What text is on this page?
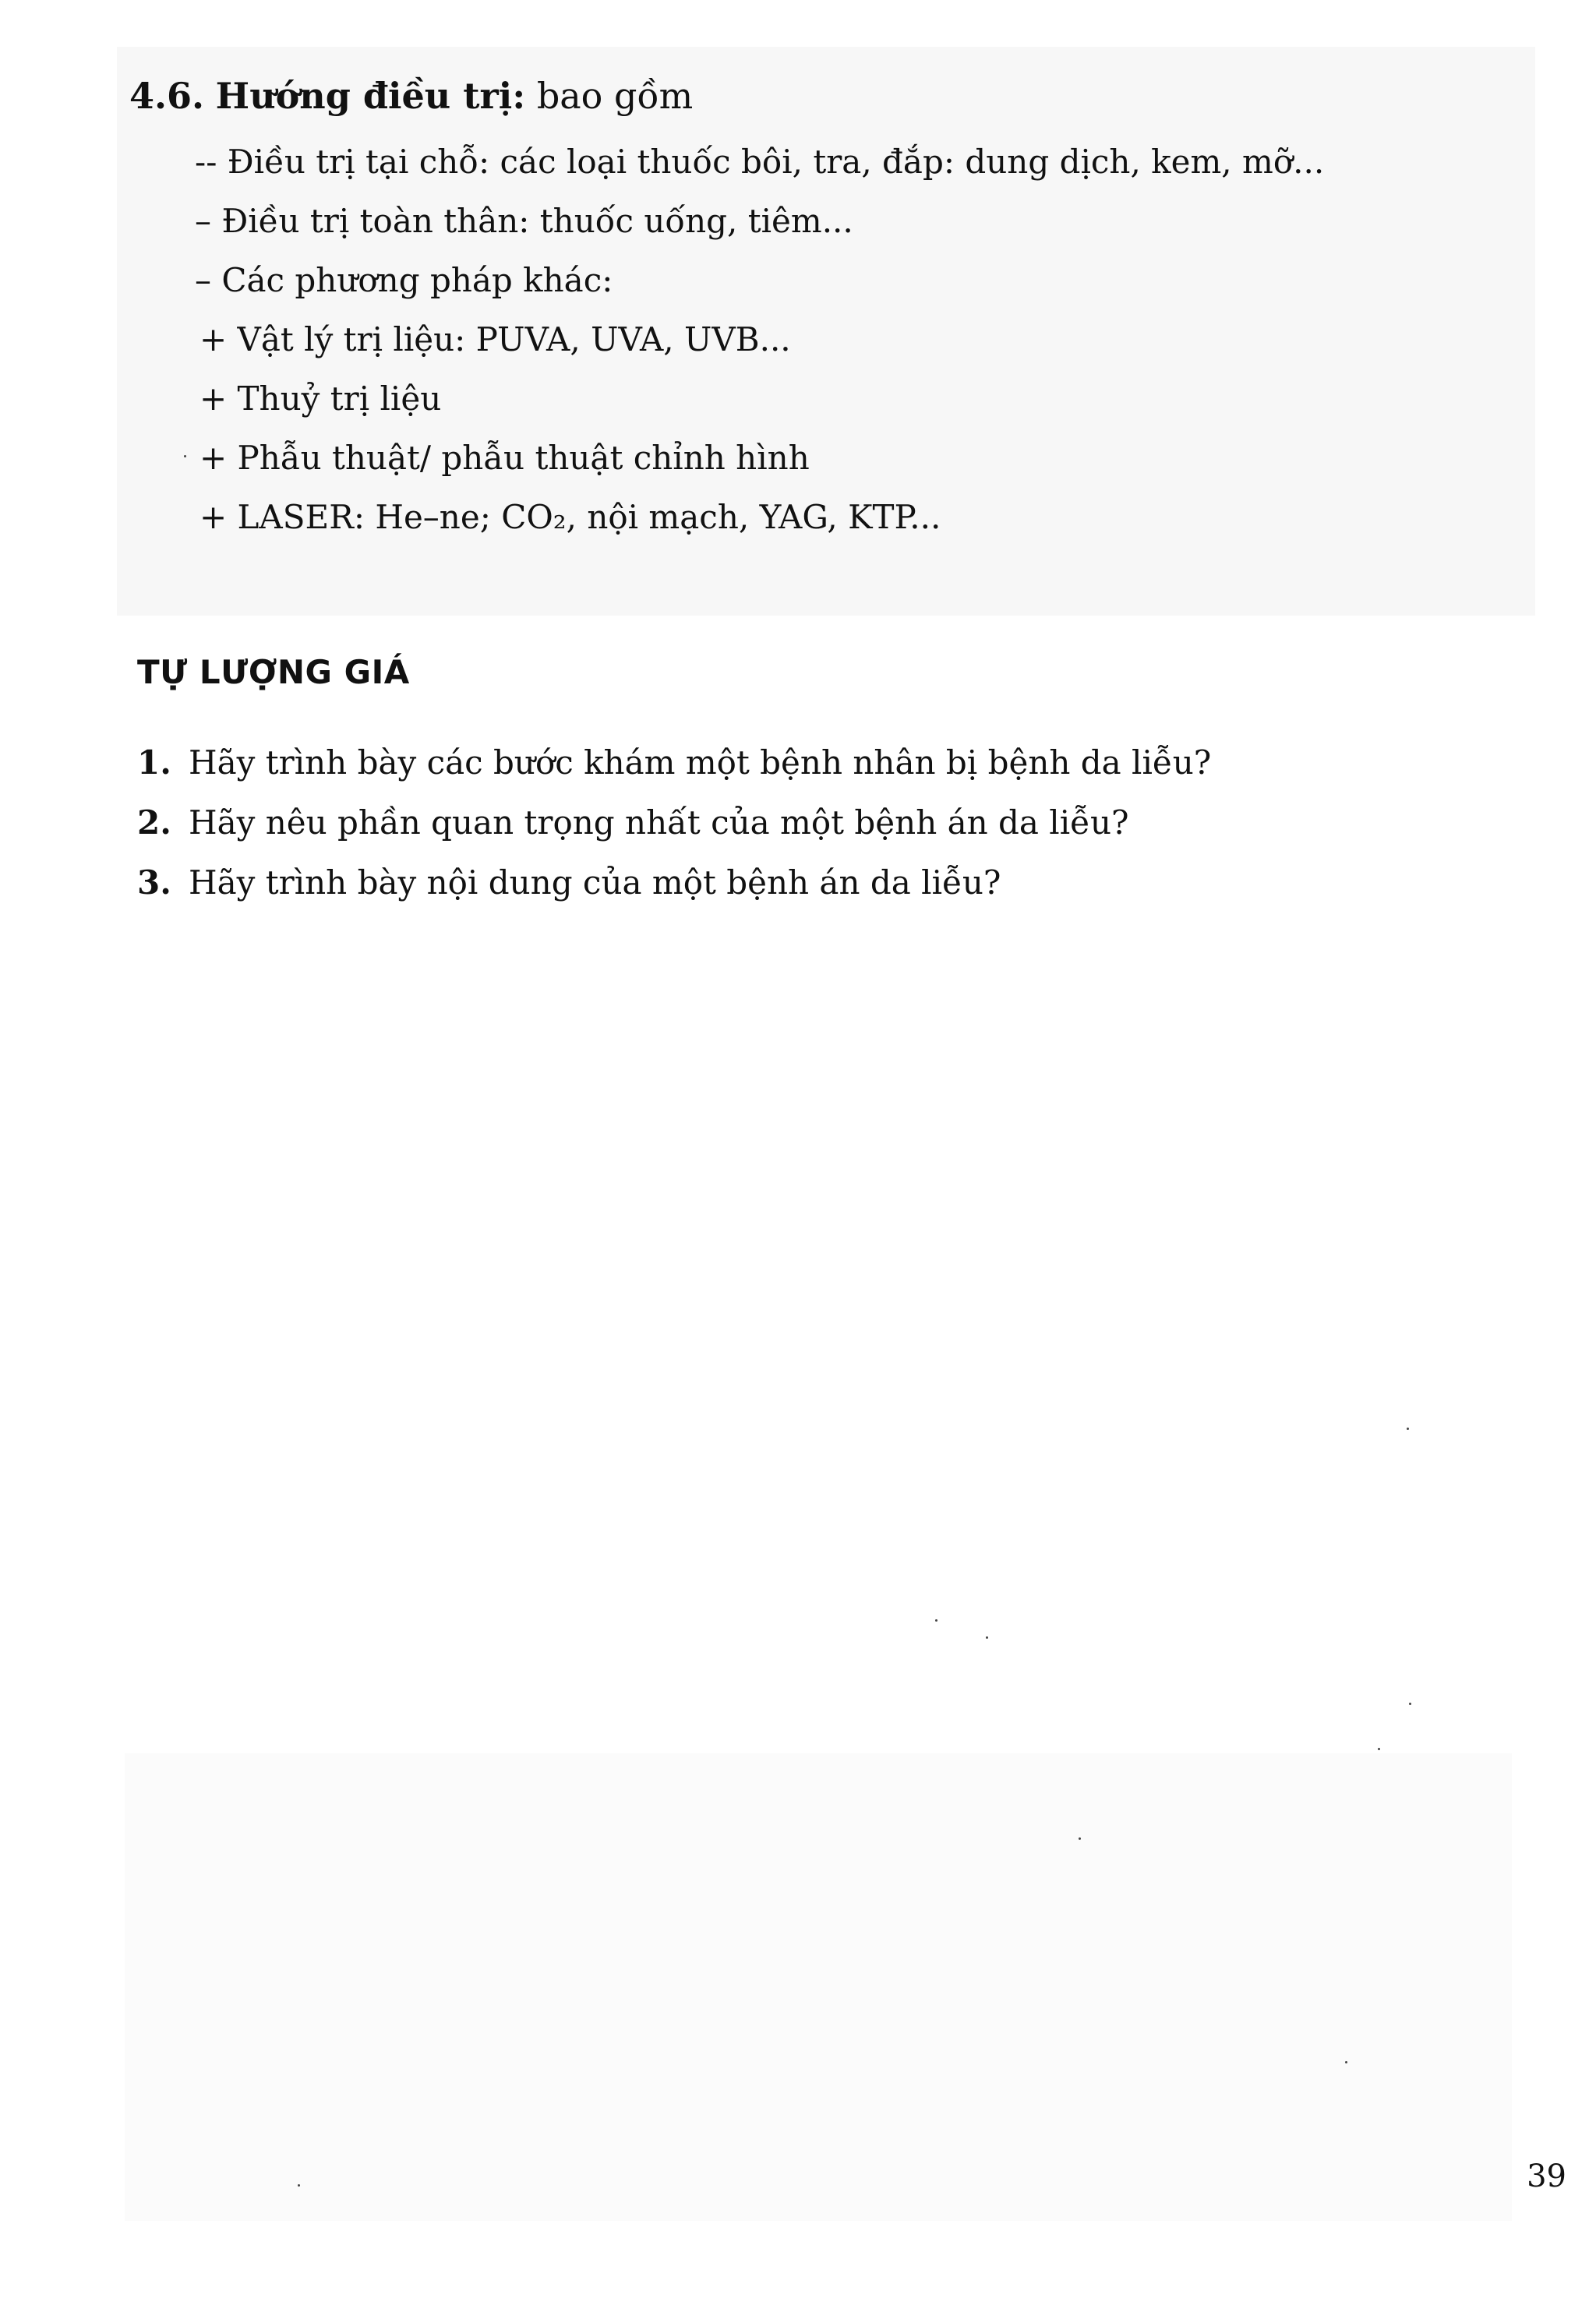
4.6. Hướng điều trị: bao gồm
-- Điều trị tại chỗ: các loại thuốc bôi, tra, đắp: dung dịch, kem, mỡ...
– Điều trị toàn thân: thuốc uống, tiêm...
– Các phương pháp khác:
+ Vật lý trị liệu: PUVA, UVA, UVB...
+ Thuỷ trị liệu
+ Phẫu thuật/ phẫu thuật chỉnh hình
+ LASER: He–ne; CO₂, nội mạch, YAG, KTP...
TỰ LƯỢNG GIÁ
1. Hãy trình bày các bước khám một bệnh nhân bị bệnh da liễu?
2. Hãy nêu phần quan trọng nhất của một bệnh án da liễu?
3. Hãy trình bày nội dung của một bệnh án da liễu?
39
